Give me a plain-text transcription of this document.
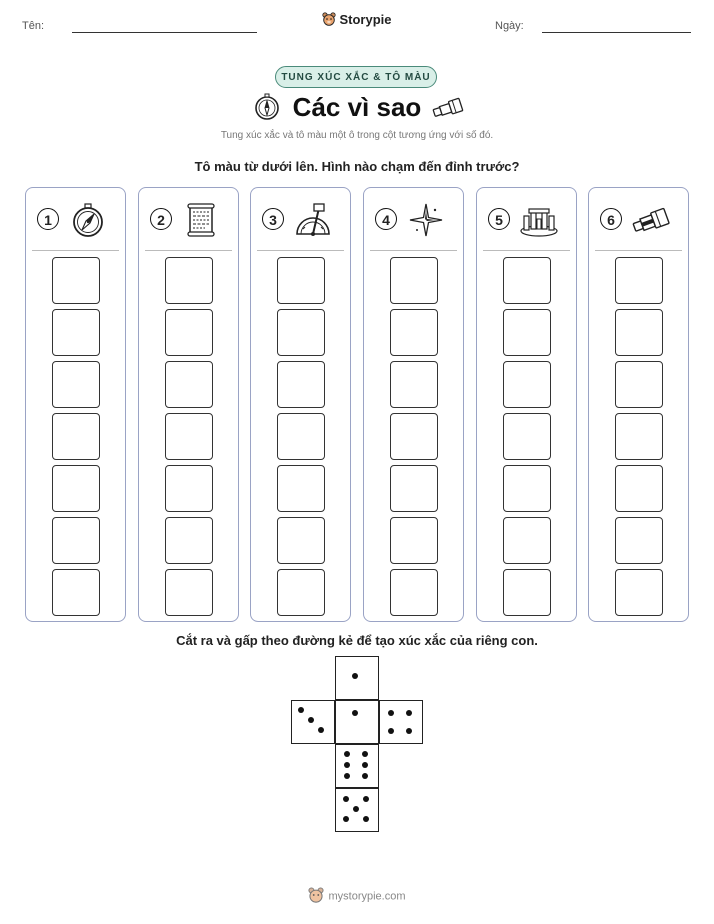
Tên:	Ngày:
Storypie
TUNG XÚC XẮC & TÔ MÀU
Các vì sao
Tung xúc xắc và tô màu một ô trong cột tương ứng với số đó.
Tô màu từ dưới lên. Hình nào chạm đến đỉnh trước?
1	2	3	4	5	6
Cắt ra và gấp theo đường kẻ để tạo xúc xắc của riêng con.
mystorypie.com
